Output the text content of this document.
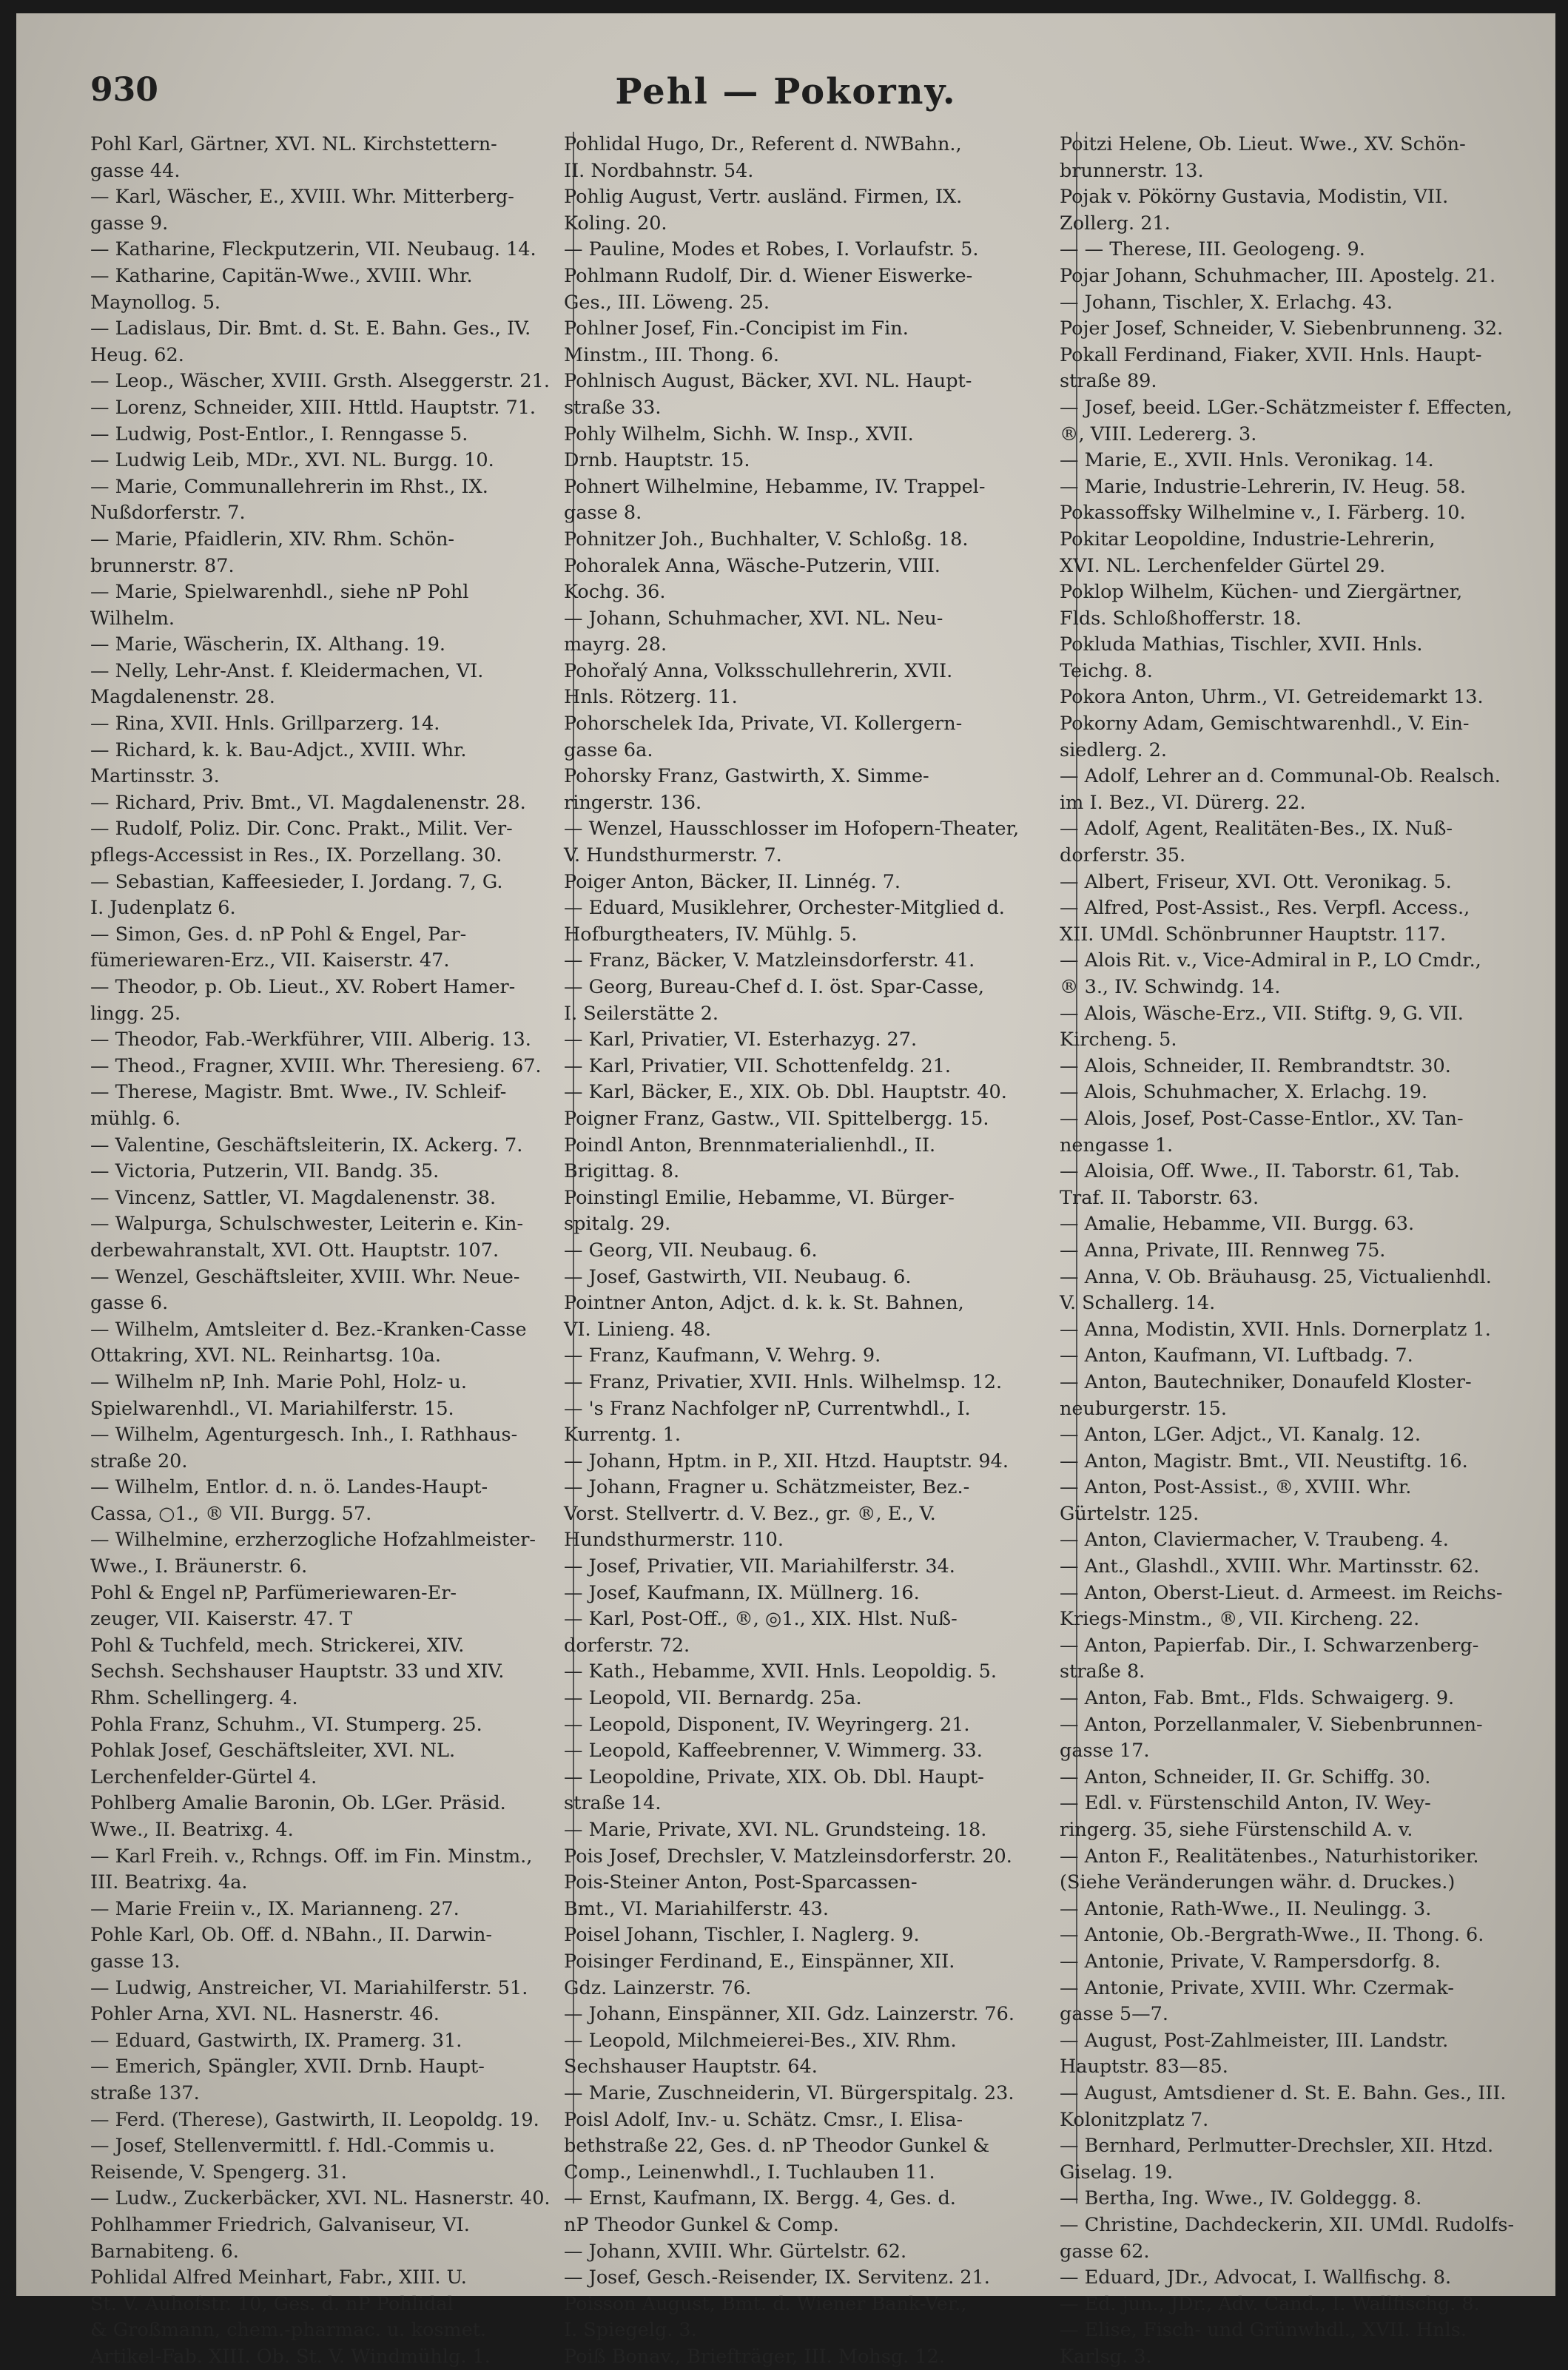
930	Pehl — Pokorny.
Pohl Karl, Gärtner, XVI. NL. Kirchstettern-
gasse 44.
— Karl, Wäscher, E., XVIII. Whr. Mitterberg-
gasse 9.
— Katharine, Fleckputzerin, VII. Neubaug. 14.
— Katharine, Capitän-Wwe., XVIII. Whr.
Maynollog. 5.
— Ladislaus, Dir. Bmt. d. St. E. Bahn. Ges., IV.
Heug. 62.
— Leop., Wäscher, XVIII. Grsth. Alseggerstr. 21.
— Lorenz, Schneider, XIII. Httld. Hauptstr. 71.
— Ludwig, Post-Entlor., I. Renngasse 5.
— Ludwig Leib, MDr., XVI. NL. Burgg. 10.
— Marie, Communallehrerin im Rhst., IX.
Nußdorferstr. 7.
— Marie, Pfaidlerin, XIV. Rhm. Schön-
brunnerstr. 87.
— Marie, Spielwarenhdl., siehe nP Pohl
Wilhelm.
— Marie, Wäscherin, IX. Althang. 19.
— Nelly, Lehr-Anst. f. Kleidermachen, VI.
Magdalenenstr. 28.
— Rina, XVII. Hnls. Grillparzerg. 14.
— Richard, k. k. Bau-Adjct., XVIII. Whr.
Martinsstr. 3.
— Richard, Priv. Bmt., VI. Magdalenenstr. 28.
— Rudolf, Poliz. Dir. Conc. Prakt., Milit. Ver-
pflegs-Accessist in Res., IX. Porzellang. 30.
— Sebastian, Kaffeesieder, I. Jordang. 7, G.
I. Judenplatz 6.
— Simon, Ges. d. nP Pohl & Engel, Par-
fümeriewaren-Erz., VII. Kaiserstr. 47.
— Theodor, p. Ob. Lieut., XV. Robert Hamer-
lingg. 25.
— Theodor, Fab.-Werkführer, VIII. Alberig. 13.
— Theod., Fragner, XVIII. Whr. Theresieng. 67.
— Therese, Magistr. Bmt. Wwe., IV. Schleif-
mühlg. 6.
— Valentine, Geschäftsleiterin, IX. Ackerg. 7.
— Victoria, Putzerin, VII. Bandg. 35.
— Vincenz, Sattler, VI. Magdalenenstr. 38.
— Walpurga, Schulschwester, Leiterin e. Kin-
derbewahranstalt, XVI. Ott. Hauptstr. 107.
— Wenzel, Geschäftsleiter, XVIII. Whr. Neue-
gasse 6.
— Wilhelm, Amtsleiter d. Bez.-Kranken-Casse
Ottakring, XVI. NL. Reinhartsg. 10a.
— Wilhelm nP, Inh. Marie Pohl, Holz- u.
Spielwarenhdl., VI. Mariahilferstr. 15.
— Wilhelm, Agenturgesch. Inh., I. Rathhaus-
straße 20.
— Wilhelm, Entlor. d. n. ö. Landes-Haupt-
Cassa, ○1., ® VII. Burgg. 57.
— Wilhelmine, erzherzogliche Hofzahlmeister-
Wwe., I. Bräunerstr. 6.
Pohl & Engel nP, Parfümeriewaren-Er-
zeuger, VII. Kaiserstr. 47. T
Pohl & Tuchfeld, mech. Strickerei, XIV.
Sechsh. Sechshauser Hauptstr. 33 und XIV.
Rhm. Schellingerg. 4.
Pohla Franz, Schuhm., VI. Stumperg. 25.
Pohlak Josef, Geschäftsleiter, XVI. NL.
Lerchenfelder-Gürtel 4.
Pohlberg Amalie Baronin, Ob. LGer. Präsid.
Wwe., II. Beatrixg. 4.
— Karl Freih. v., Rchngs. Off. im Fin. Minstm.,
III. Beatrixg. 4a.
— Marie Freiin v., IX. Marianneng. 27.
Pohle Karl, Ob. Off. d. NBahn., II. Darwin-
gasse 13.
— Ludwig, Anstreicher, VI. Mariahilferstr. 51.
Pohler Arna, XVI. NL. Hasnerstr. 46.
— Eduard, Gastwirth, IX. Pramerg. 31.
— Emerich, Spängler, XVII. Drnb. Haupt-
straße 137.
— Ferd. (Therese), Gastwirth, II. Leopoldg. 19.
— Josef, Stellenvermittl. f. Hdl.-Commis u.
Reisende, V. Spengerg. 31.
— Ludw., Zuckerbäcker, XVI. NL. Hasnerstr. 40.
Pohlhammer Friedrich, Galvaniseur, VI.
Barnabiteng. 6.
Pohlidal Alfred Meinhart, Fabr., XIII. U.
St. V. Auhofstr. 10, Ges. d. nP Pohlidal
& Großmann, chem.-pharmac. u. kosmet.
Artikel-Fab. XIII. Ob. St. V. Windmühlg. 1.
Pohlidal Hugo, Dr., Referent d. NWBahn.,
II. Nordbahnstr. 54.
Pohlig August, Vertr. ausländ. Firmen, IX.
Koling. 20.
— Pauline, Modes et Robes, I. Vorlaufstr. 5.
Pohlmann Rudolf, Dir. d. Wiener Eiswerke-
Ges., III. Löweng. 25.
Pohlner Josef, Fin.-Concipist im Fin.
Minstm., III. Thong. 6.
Pohlnisch August, Bäcker, XVI. NL. Haupt-
straße 33.
Pohly Wilhelm, Sichh. W. Insp., XVII.
Drnb. Hauptstr. 15.
Pohnert Wilhelmine, Hebamme, IV. Trappel-
gasse 8.
Pohnitzer Joh., Buchhalter, V. Schloßg. 18.
Pohoralek Anna, Wäsche-Putzerin, VIII.
Kochg. 36.
— Johann, Schuhmacher, XVI. NL. Neu-
mayrg. 28.
Pohořalý Anna, Volksschullehrerin, XVII.
Hnls. Rötzerg. 11.
Pohorschelek Ida, Private, VI. Kollergern-
gasse 6a.
Pohorsky Franz, Gastwirth, X. Simme-
ringerstr. 136.
— Wenzel, Hausschlosser im Hofopern-Theater,
V. Hundsthurmerstr. 7.
Poiger Anton, Bäcker, II. Linnég. 7.
— Eduard, Musiklehrer, Orchester-Mitglied d.
Hofburgtheaters, IV. Mühlg. 5.
— Franz, Bäcker, V. Matzleinsdorferstr. 41.
— Georg, Bureau-Chef d. I. öst. Spar-Casse,
I. Seilerstätte 2.
— Karl, Privatier, VI. Esterhazyg. 27.
— Karl, Privatier, VII. Schottenfeldg. 21.
— Karl, Bäcker, E., XIX. Ob. Dbl. Hauptstr. 40.
Poigner Franz, Gastw., VII. Spittelbergg. 15.
Poindl Anton, Brennmaterialienhdl., II.
Brigittag. 8.
Poinstingl Emilie, Hebamme, VI. Bürger-
spitalg. 29.
— Georg, VII. Neubaug. 6.
— Josef, Gastwirth, VII. Neubaug. 6.
Pointner Anton, Adjct. d. k. k. St. Bahnen,
VI. Linieng. 48.
— Franz, Kaufmann, V. Wehrg. 9.
— Franz, Privatier, XVII. Hnls. Wilhelmsp. 12.
— 's Franz Nachfolger nP, Currentwhdl., I.
Kurrentg. 1.
— Johann, Hptm. in P., XII. Htzd. Hauptstr. 94.
— Johann, Fragner u. Schätzmeister, Bez.-
Vorst. Stellvertr. d. V. Bez., gr. ®, E., V.
Hundsthurmerstr. 110.
— Josef, Privatier, VII. Mariahilferstr. 34.
— Josef, Kaufmann, IX. Müllnerg. 16.
— Karl, Post-Off., ®, ◎1., XIX. Hlst. Nuß-
dorferstr. 72.
— Kath., Hebamme, XVII. Hnls. Leopoldig. 5.
— Leopold, VII. Bernardg. 25a.
— Leopold, Disponent, IV. Weyringerg. 21.
— Leopold, Kaffeebrenner, V. Wimmerg. 33.
— Leopoldine, Private, XIX. Ob. Dbl. Haupt-
straße 14.
— Marie, Private, XVI. NL. Grundsteing. 18.
Pois Josef, Drechsler, V. Matzleinsdorferstr. 20.
Pois-Steiner Anton, Post-Sparcassen-
Bmt., VI. Mariahilferstr. 43.
Poisel Johann, Tischler, I. Naglerg. 9.
Poisinger Ferdinand, E., Einspänner, XII.
Gdz. Lainzerstr. 76.
— Johann, Einspänner, XII. Gdz. Lainzerstr. 76.
— Leopold, Milchmeierei-Bes., XIV. Rhm.
Sechshauser Hauptstr. 64.
— Marie, Zuschneiderin, VI. Bürgerspitalg. 23.
Poisl Adolf, Inv.- u. Schätz. Cmsr., I. Elisa-
bethstraße 22, Ges. d. nP Theodor Gunkel &
Comp., Leinenwhdl., I. Tuchlauben 11.
— Ernst, Kaufmann, IX. Bergg. 4, Ges. d.
nP Theodor Gunkel & Comp.
— Johann, XVIII. Whr. Gürtelstr. 62.
— Josef, Gesch.-Reisender, IX. Servitenz. 21.
Poisson August, Bmt. d. Wiener Bank-Ver.,
I. Spiegelg. 3.
Poiß Bonav., Briefträger, III. Mohsg. 12.
Poitzi Helene, Ob. Lieut. Wwe., XV. Schön-
brunnerstr. 13.
Pojak v. Pökörny Gustavia, Modistin, VII.
Zollerg. 21.
— — Therese, III. Geologeng. 9.
Pojar Johann, Schuhmacher, III. Apostelg. 21.
— Johann, Tischler, X. Erlachg. 43.
Pojer Josef, Schneider, V. Siebenbrunneng. 32.
Pokall Ferdinand, Fiaker, XVII. Hnls. Haupt-
straße 89.
— Josef, beeid. LGer.-Schätzmeister f. Effecten,
®, VIII. Ledererg. 3.
— Marie, E., XVII. Hnls. Veronikag. 14.
— Marie, Industrie-Lehrerin, IV. Heug. 58.
Pokassoffsky Wilhelmine v., I. Färberg. 10.
Pokitar Leopoldine, Industrie-Lehrerin,
XVI. NL. Lerchenfelder Gürtel 29.
Poklop Wilhelm, Küchen- und Ziergärtner,
Flds. Schloßhofferstr. 18.
Pokluda Mathias, Tischler, XVII. Hnls.
Teichg. 8.
Pokora Anton, Uhrm., VI. Getreidemarkt 13.
Pokorny Adam, Gemischtwarenhdl., V. Ein-
siedlerg. 2.
— Adolf, Lehrer an d. Communal-Ob. Realsch.
im I. Bez., VI. Dürerg. 22.
— Adolf, Agent, Realitäten-Bes., IX. Nuß-
dorferstr. 35.
— Albert, Friseur, XVI. Ott. Veronikag. 5.
— Alfred, Post-Assist., Res. Verpfl. Access.,
XII. UMdl. Schönbrunner Hauptstr. 117.
— Alois Rit. v., Vice-Admiral in P., LO Cmdr.,
® 3., IV. Schwindg. 14.
— Alois, Wäsche-Erz., VII. Stiftg. 9, G. VII.
Kircheng. 5.
— Alois, Schneider, II. Rembrandtstr. 30.
— Alois, Schuhmacher, X. Erlachg. 19.
— Alois, Josef, Post-Casse-Entlor., XV. Tan-
nengasse 1.
— Aloisia, Off. Wwe., II. Taborstr. 61, Tab.
Traf. II. Taborstr. 63.
— Amalie, Hebamme, VII. Burgg. 63.
— Anna, Private, III. Rennweg 75.
— Anna, V. Ob. Bräuhausg. 25, Victualienhdl.
V. Schallerg. 14.
— Anna, Modistin, XVII. Hnls. Dornerplatz 1.
— Anton, Kaufmann, VI. Luftbadg. 7.
— Anton, Bautechniker, Donaufeld Kloster-
neuburgerstr. 15.
— Anton, LGer. Adjct., VI. Kanalg. 12.
— Anton, Magistr. Bmt., VII. Neustiftg. 16.
— Anton, Post-Assist., ®, XVIII. Whr.
Gürtelstr. 125.
— Anton, Claviermacher, V. Traubeng. 4.
— Ant., Glashdl., XVIII. Whr. Martinsstr. 62.
— Anton, Oberst-Lieut. d. Armeest. im Reichs-
Kriegs-Minstm., ®, VII. Kircheng. 22.
— Anton, Papierfab. Dir., I. Schwarzenberg-
straße 8.
— Anton, Fab. Bmt., Flds. Schwaigerg. 9.
— Anton, Porzellanmaler, V. Siebenbrunnen-
gasse 17.
— Anton, Schneider, II. Gr. Schiffg. 30.
— Edl. v. Fürstenschild Anton, IV. Wey-
ringerg. 35, siehe Fürstenschild A. v.
— Anton F., Realitätenbes., Naturhistoriker.
(Siehe Veränderungen währ. d. Druckes.)
— Antonie, Rath-Wwe., II. Neulingg. 3.
— Antonie, Ob.-Bergrath-Wwe., II. Thong. 6.
— Antonie, Private, V. Rampersdorfg. 8.
— Antonie, Private, XVIII. Whr. Czermak-
gasse 5—7.
— August, Post-Zahlmeister, III. Landstr.
Hauptstr. 83—85.
— August, Amtsdiener d. St. E. Bahn. Ges., III.
Kolonitzplatz 7.
— Bernhard, Perlmutter-Drechsler, XII. Htzd.
Giselag. 19.
— Bertha, Ing. Wwe., IV. Goldeggg. 8.
— Christine, Dachdeckerin, XII. UMdl. Rudolfs-
gasse 62.
— Eduard, JDr., Advocat, I. Wallfischg. 8.
— Ed. jun., JDr., Adv. Cand., I. Wallfischg. 8.
— Elise, Fisch- und Grünwhdl., XVII. Hnls.
Karlsg. 3.
